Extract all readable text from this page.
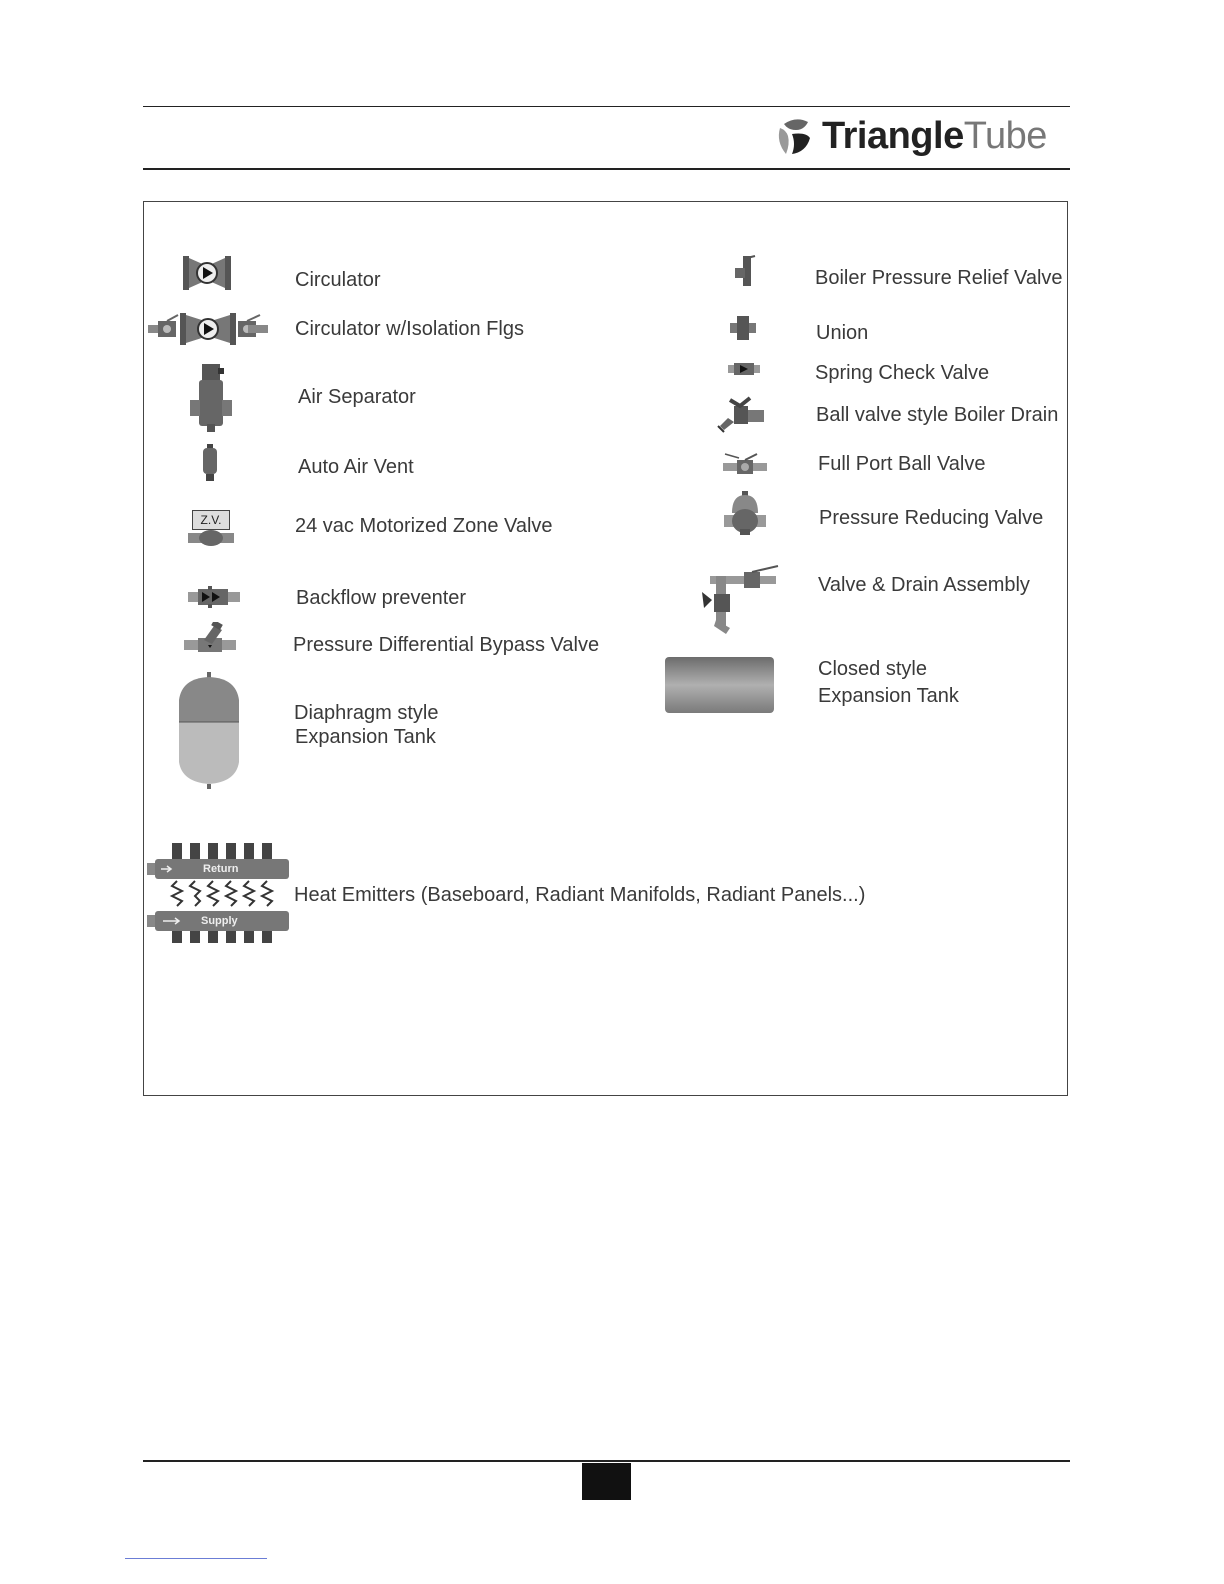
TriangleTube
Circulator
Circulator w/Isolation Flgs
Air Separator
Auto Air Vent
Z.V.	24 vac Motorized Zone Valve
Backflow preventer
Pressure Differential Bypass Valve
Diaphragm style
Expansion Tank
Boiler Pressure Relief Valve
Union
Spring Check Valve
Ball valve style Boiler Drain
Full Port Ball Valve
Pressure Reducing Valve
Valve & Drain Assembly
Closed style
Expansion Tank
Return
Supply
Heat Emitters (Baseboard, Radiant Manifolds, Radiant Panels...)
